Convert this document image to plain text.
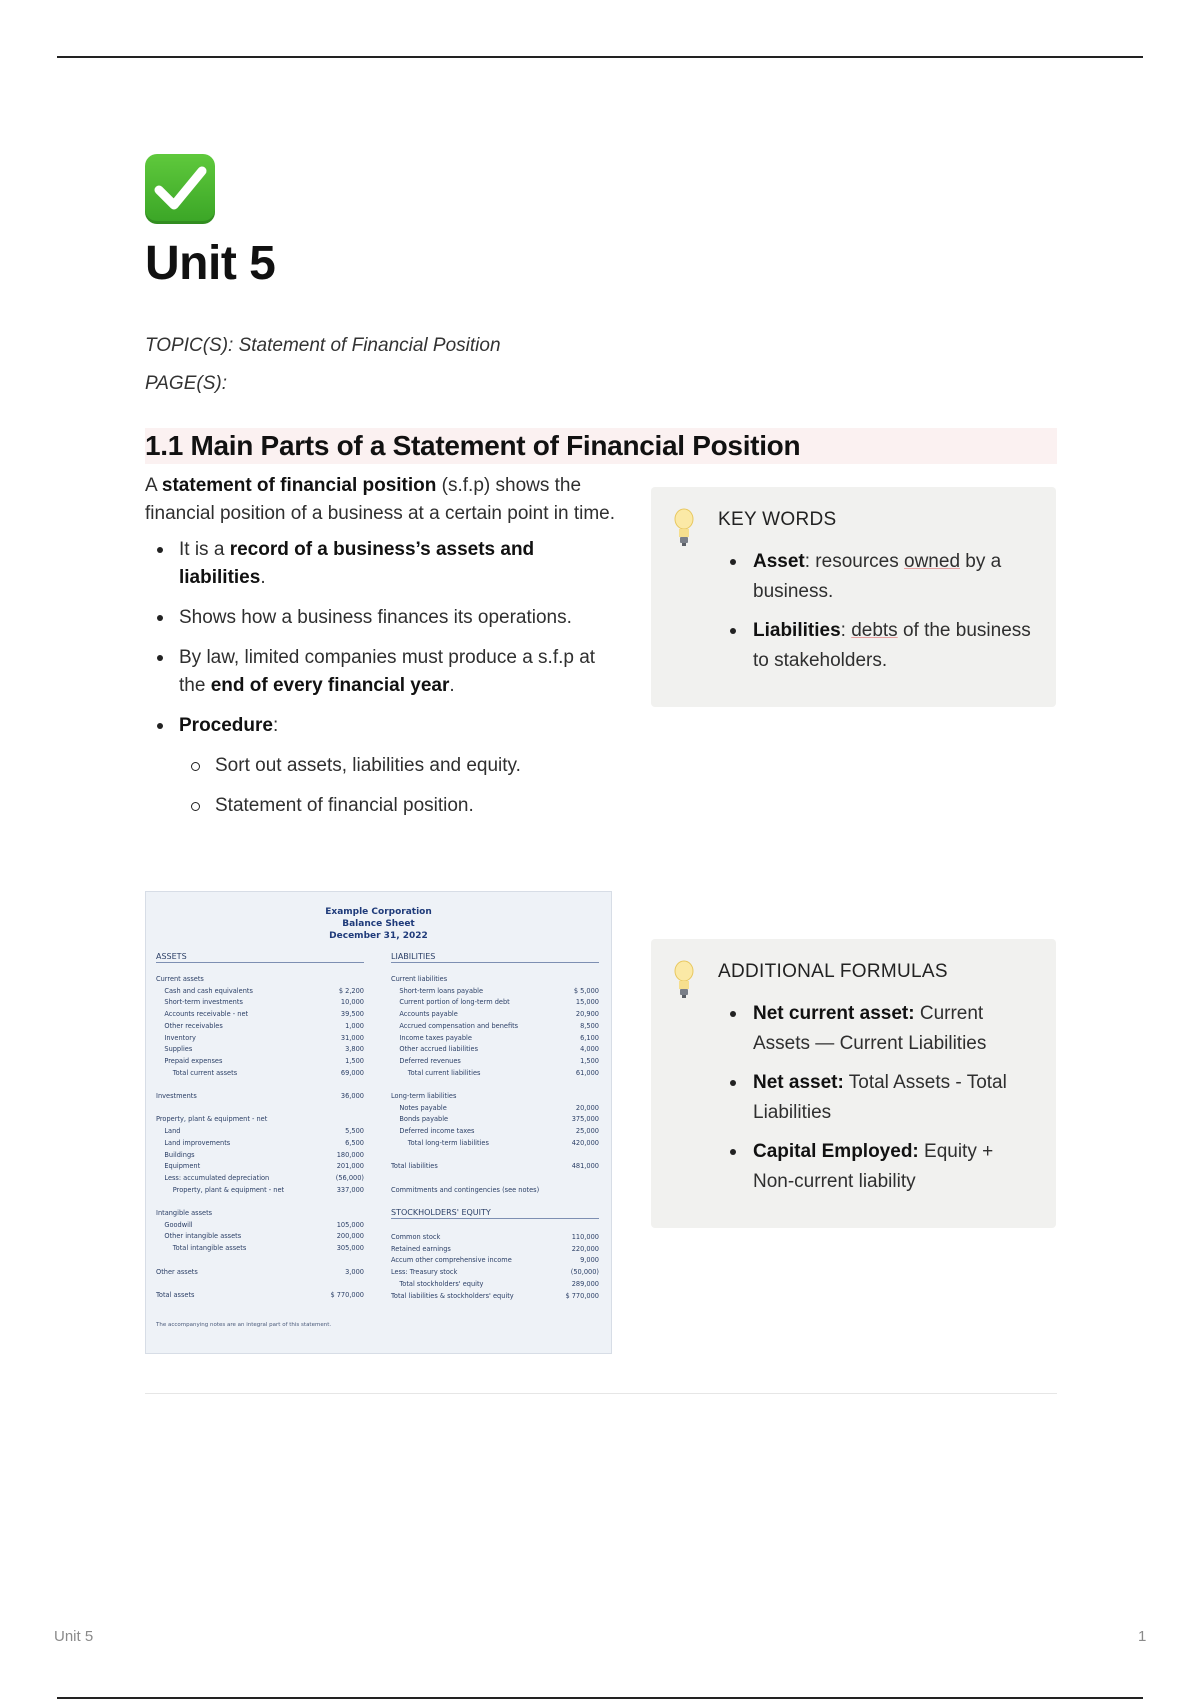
Unit 5
TOPIC(S): Statement of Financial Position
PAGE(S):
1.1 Main Parts of a Statement of Financial Position

A statement of financial position (s.f.p) shows the financial position of a business at a certain point in time.

It is a record of a business’s assets and liabilities.
Shows how a business finances its operations.
By law, limited companies must produce a s.f.p at the end of every financial year.
Procedure:
Sort out assets, liabilities and equity.
Statement of financial position.
KEY WORDS
Asset: resources owned by a business.
Liabilities: debts of the business to stakeholders.
Example Corporation
Balance Sheet
December 31, 2022
ASSETS	LIABILITIES
STOCKHOLDERS' EQUITY
Current assets
Cash and cash equivalents	$ 2,200
Short-term investments	10,000
Accounts receivable - net	39,500
Other receivables	1,000
Inventory	31,000
Supplies	3,800
Prepaid expenses	1,500
Total current assets	69,000
Investments	36,000
Property, plant & equipment - net
Land	5,500
Land improvements	6,500
Buildings	180,000
Equipment	201,000
Less: accumulated depreciation	(56,000)
Property, plant & equipment - net	337,000
Intangible assets
Goodwill	105,000
Other intangible assets	200,000
Total intangible assets	305,000
Other assets	3,000
Total assets	$ 770,000
Current liabilities
Short-term loans payable	$ 5,000
Current portion of long-term debt	15,000
Accounts payable	20,900
Accrued compensation and benefits	8,500
Income taxes payable	6,100
Other accrued liabilities	4,000
Deferred revenues	1,500
Total current liabilities	61,000
Long-term liabilities
Notes payable	20,000
Bonds payable	375,000
Deferred income taxes	25,000
Total long-term liabilities	420,000
Total liabilities	481,000
Commitments and contingencies (see notes)
Common stock	110,000
Retained earnings	220,000
Accum other comprehensive income	9,000
Less: Treasury stock	(50,000)
Total stockholders' equity	289,000
Total liabilities & stockholders' equity	$ 770,000
The accompanying notes are an integral part of this statement.
ADDITIONAL FORMULAS
Net current asset: Current Assets — Current Liabilities
Net asset: Total Assets - Total Liabilities
Capital Employed: Equity + Non-current liability
Unit 5	1
